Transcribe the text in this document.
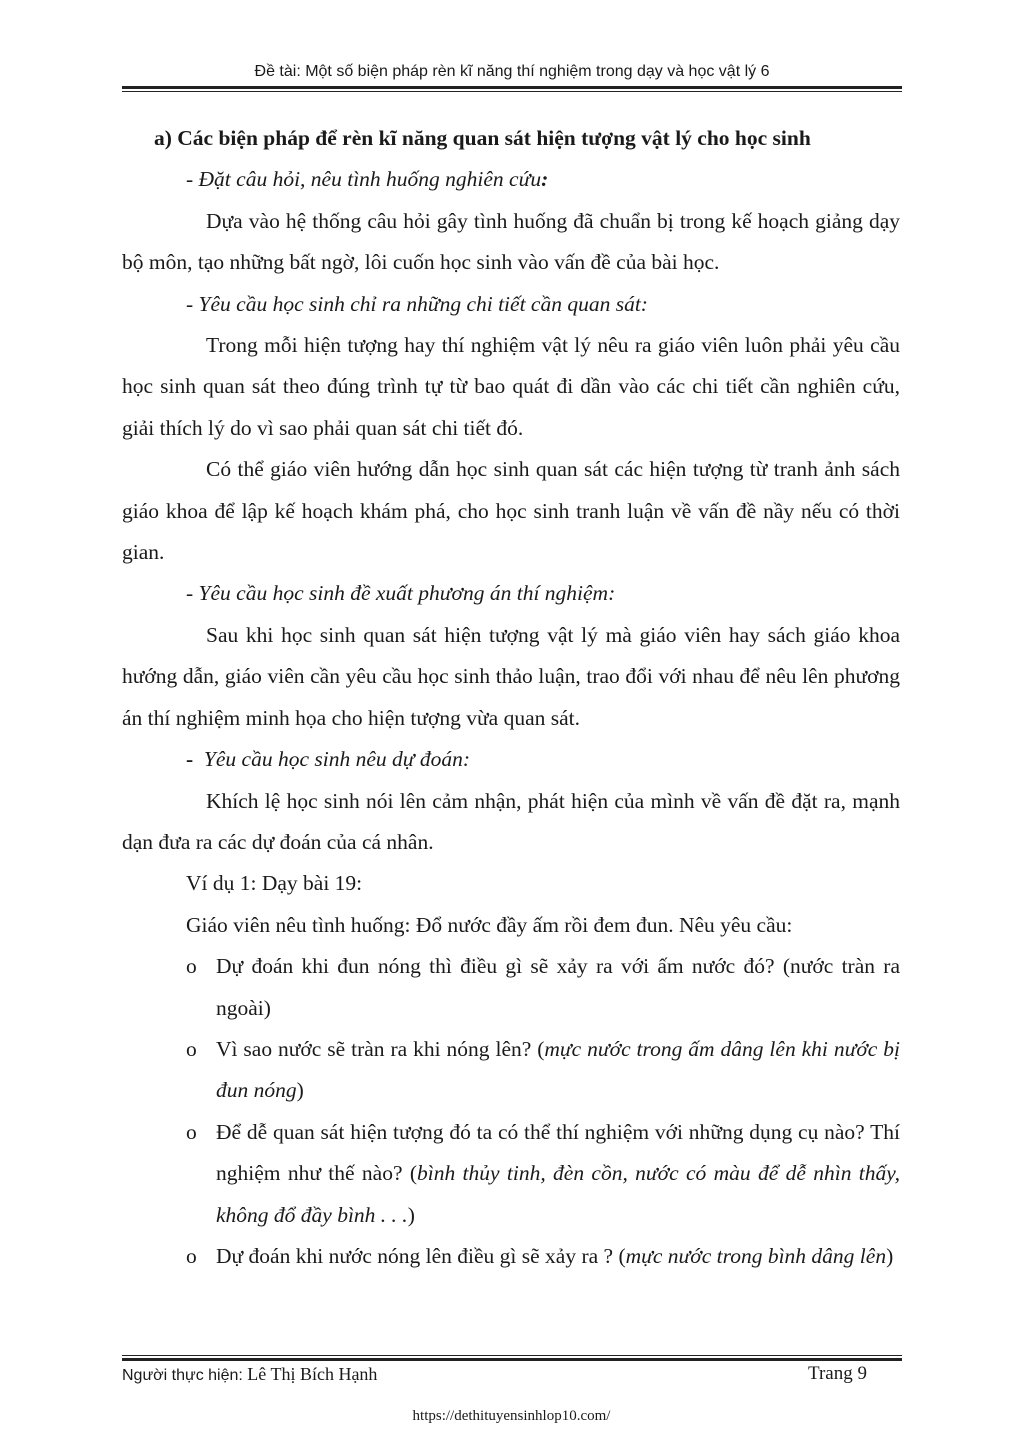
Đề tài: Một số biện pháp rèn kĩ năng thí nghiệm trong dạy và học vật lý 6

a) Các biện pháp để rèn kĩ năng quan sát hiện tượng vật lý cho học sinh

- Đặt câu hỏi, nêu tình huống nghiên cứu:

Dựa vào hệ thống câu hỏi gây tình huống đã chuẩn bị trong kế hoạch giảng dạy bộ môn, tạo những bất ngờ, lôi cuốn học sinh vào vấn đề của bài học.

- Yêu cầu học sinh chỉ ra những chi tiết cần quan sát:

Trong mỗi hiện tượng hay thí nghiệm vật lý nêu ra giáo viên luôn phải yêu cầu học sinh quan sát theo đúng trình tự từ bao quát đi dần vào các chi tiết cần nghiên cứu, giải thích lý do vì sao phải quan sát chi tiết đó.

Có thể giáo viên hướng dẫn học sinh quan sát các hiện tượng từ tranh ảnh sách giáo khoa để lập kế hoạch khám phá, cho học sinh tranh luận về vấn đề nầy nếu có thời gian.

- Yêu cầu học sinh đề xuất phương án thí nghiệm:

Sau khi học sinh quan sát hiện tượng vật lý mà giáo viên hay sách giáo khoa hướng dẫn, giáo viên cần yêu cầu học sinh thảo luận, trao đổi với nhau để nêu lên phương án thí nghiệm minh họa cho hiện tượng vừa quan sát.

-  Yêu cầu học sinh nêu dự đoán:

Khích lệ học sinh nói lên cảm nhận, phát hiện của mình về vấn đề đặt ra, mạnh dạn đưa ra các dự đoán của cá nhân.

Ví dụ 1: Dạy bài 19:

Giáo viên nêu tình huống: Đổ nước đầy ấm rồi đem đun. Nêu yêu cầu:

o Dự đoán khi đun nóng thì điều gì sẽ xảy ra với ấm nước đó? (nước tràn ra ngoài)
o Vì sao nước sẽ tràn ra khi nóng lên? (mực nước trong ấm dâng lên khi nước bị đun nóng)
o Để dễ quan sát hiện tượng đó ta có thể thí nghiệm với những dụng cụ nào? Thí nghiệm như thế nào? (bình thủy tinh, đèn cồn, nước có màu để dễ nhìn thấy, không đổ đầy bình . . .)
o Dự đoán khi nước nóng lên điều gì sẽ xảy ra ? (mực nước trong bình dâng lên)
Người thực hiện: Lê Thị Bích Hạnh	Trang 9
https://dethituyensinhlop10.com/
